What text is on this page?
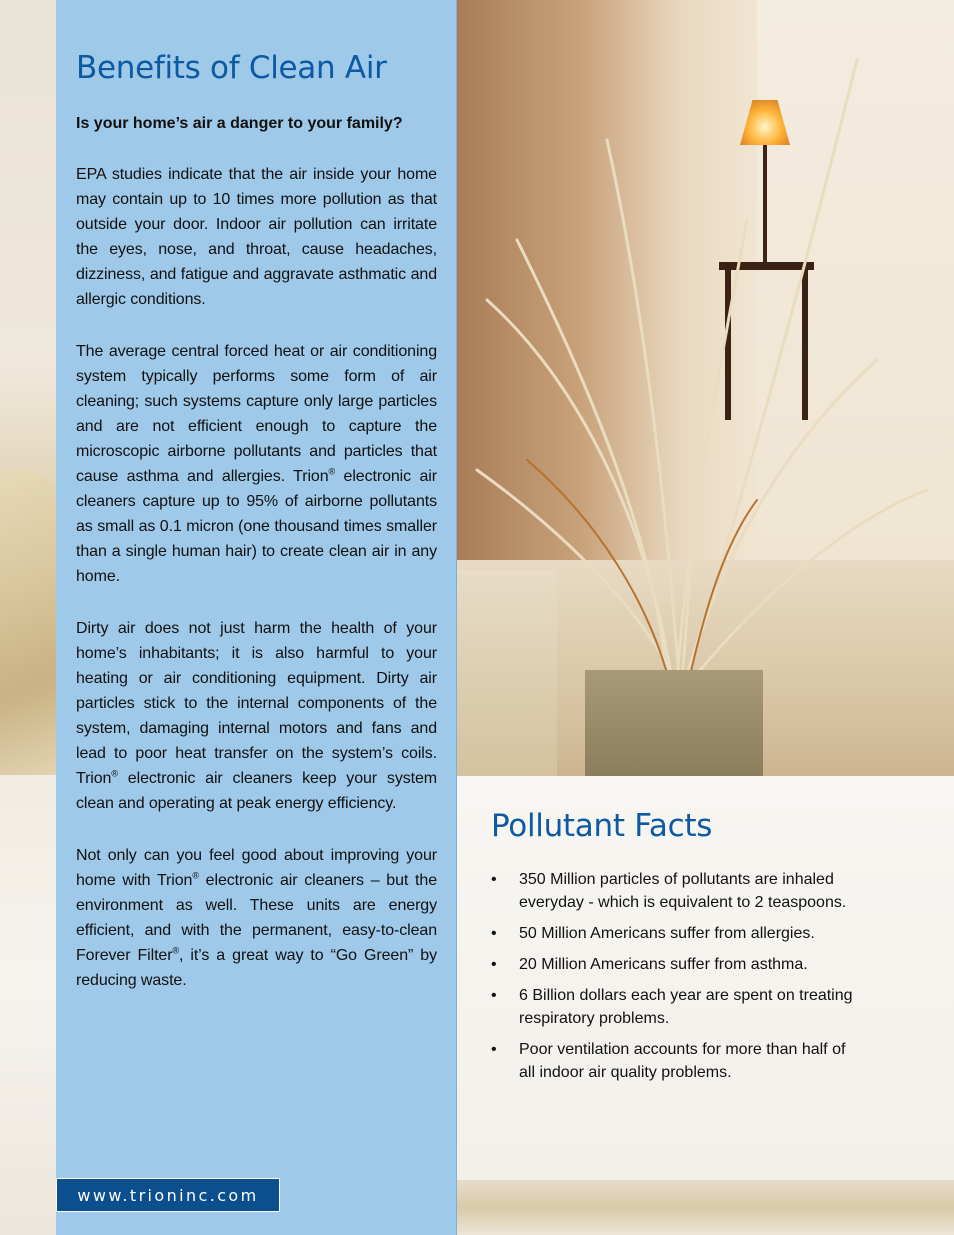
Benefits of Clean Air

Is your home’s air a danger to your family?

EPA studies indicate that the air inside your home may contain up to 10 times more pollution as that outside your door. Indoor air pollution can irritate the eyes, nose, and throat, cause headaches, dizziness, and fatigue and aggravate asthmatic and allergic conditions.

The average central forced heat or air conditioning system typically performs some form of air cleaning; such systems capture only large particles and are not efficient enough to capture the microscopic airborne pollutants and particles that cause asthma and allergies. Trion® electronic air cleaners capture up to 95% of airborne pollutants as small as 0.1 micron (one thousand times smaller than a single human hair) to create clean air in any home.

Dirty air does not just harm the health of your home’s inhabitants; it is also harmful to your heating or air conditioning equipment. Dirty air particles stick to the internal components of the system, damaging internal motors and fans and lead to poor heat transfer on the system’s coils. Trion® electronic air cleaners keep your system clean and operating at peak energy efficiency.

Not only can you feel good about improving your home with Trion® electronic air cleaners – but the environment as well. These units are energy efficient, and with the permanent, easy-to-clean Forever Filter®, it’s a great way to “Go Green” by reducing waste.

www.trioninc.com
Pollutant Facts
• 350 Million particles of pollutants are inhaled everyday - which is equivalent to 2 teaspoons.
• 50 Million Americans suffer from allergies.
• 20 Million Americans suffer from asthma.
• 6 Billion dollars each year are spent on treating respiratory problems.
• Poor ventilation accounts for more than half of all indoor air quality problems.
